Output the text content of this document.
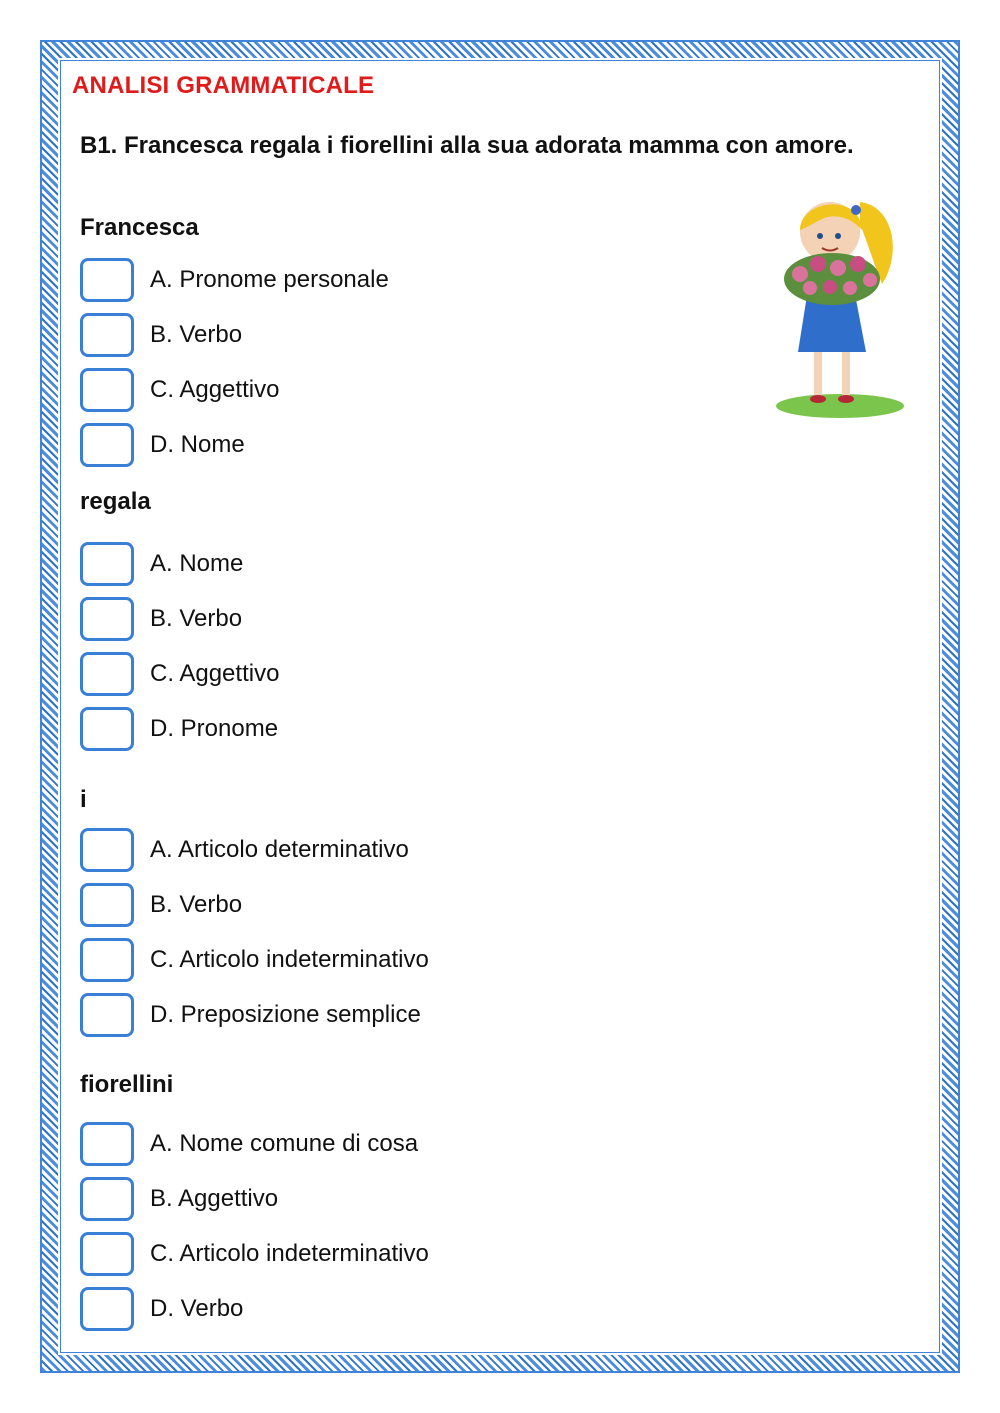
ANALISI GRAMMATICALE
B1. Francesca regala i fiorellini alla sua adorata mamma con amore.
Francesca
A. Pronome personale
B. Verbo
C. Aggettivo
D. Nome
regala
A. Nome
B. Verbo
C. Aggettivo
D. Pronome
i
A. Articolo determinativo
B. Verbo
C. Articolo indeterminativo
D. Preposizione semplice
fiorellini
A. Nome comune di cosa
B. Aggettivo
C. Articolo indeterminativo
D. Verbo
